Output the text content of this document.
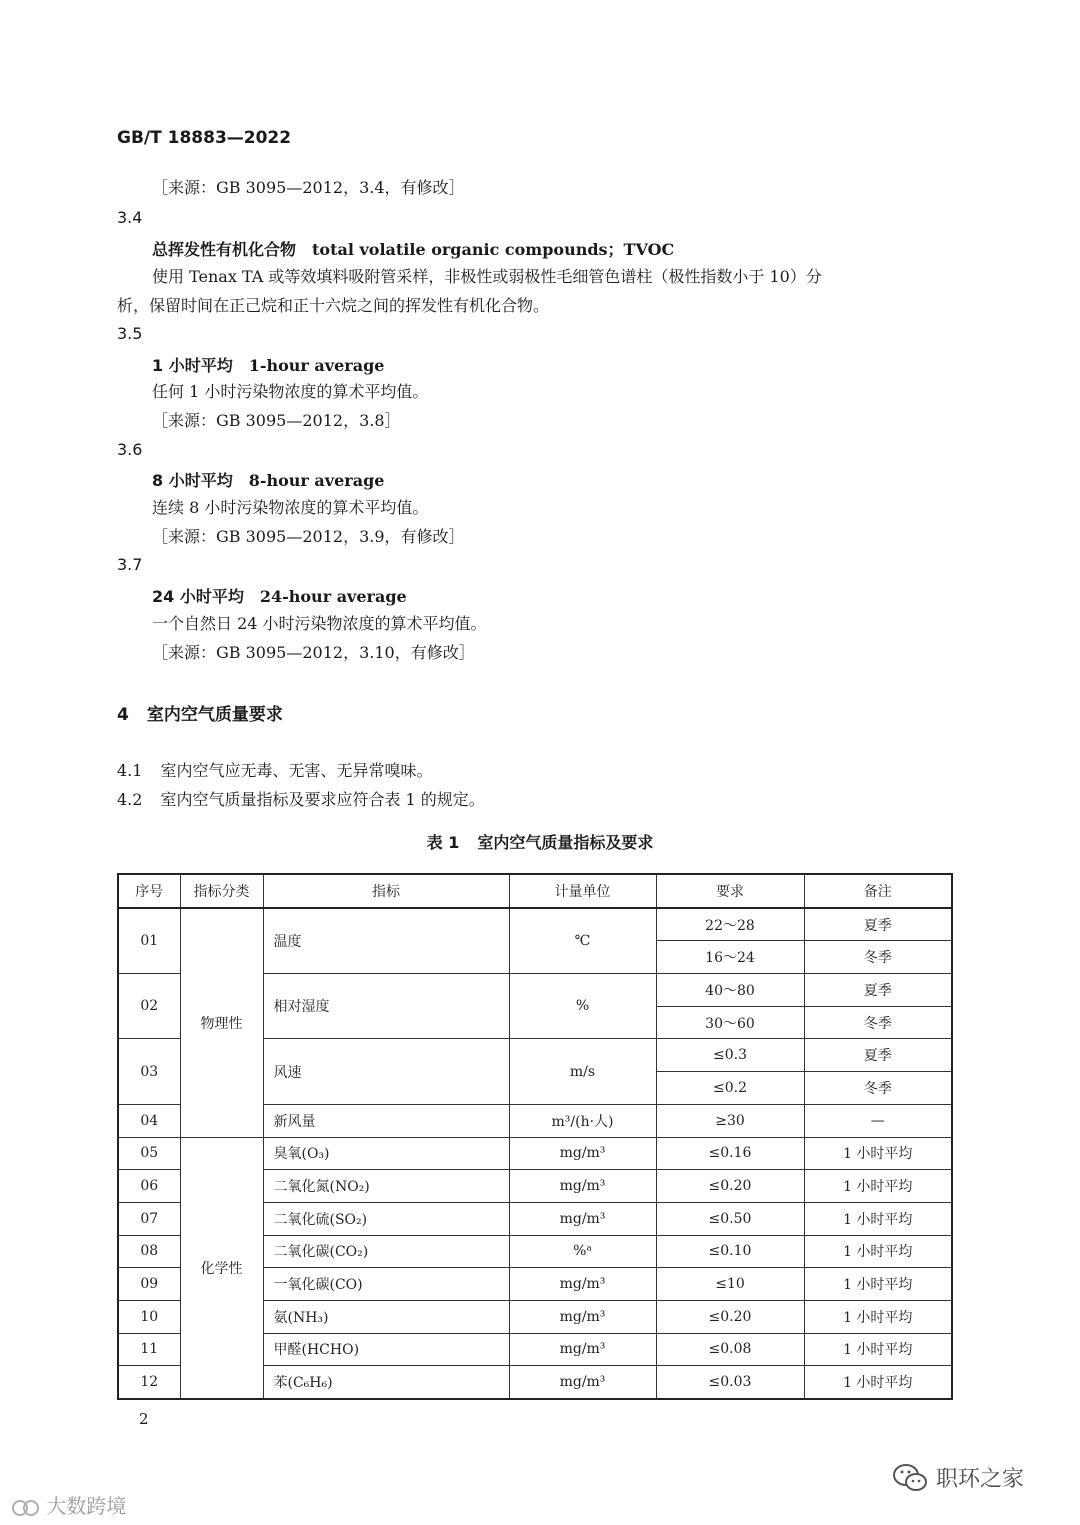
GB/T 18883—2022
［来源：GB 3095—2012，3.4，有修改］
3.4
总挥发性有机化合物 total volatile organic compounds；TVOC
使用 Tenax TA 或等效填料吸附管采样，非极性或弱极性毛细管色谱柱（极性指数小于 10）分
析，保留时间在正己烷和正十六烷之间的挥发性有机化合物。
3.5
1 小时平均 1-hour average
任何 1 小时污染物浓度的算术平均值。
［来源：GB 3095—2012，3.8］
3.6
8 小时平均 8-hour average
连续 8 小时污染物浓度的算术平均值。
［来源：GB 3095—2012，3.9，有修改］
3.7
24 小时平均 24-hour average
一个自然日 24 小时污染物浓度的算术平均值。
［来源：GB 3095—2012，3.10，有修改］
4 室内空气质量要求
4.1 室内空气应无毒、无害、无异常嗅味。
4.2 室内空气质量指标及要求应符合表 1 的规定。
表 1 室内空气质量指标及要求
序号	指标分类	指标	计量单位	要求	备注
01	物理性	温度	℃	22～28	夏季
				16～24	冬季
02		相对湿度	%	40～80	夏季
				30～60	冬季
03		风速	m/s	≤0.3	夏季
				≤0.2	冬季
04		新风量	m³/(h·人)	≥30	—
05	化学性	臭氧(O₃)	mg/m³	≤0.16	1 小时平均
06		二氧化氮(NO₂)	mg/m³	≤0.20	1 小时平均
07		二氧化硫(SO₂)	mg/m³	≤0.50	1 小时平均
08		二氧化碳(CO₂)	%ᵃ	≤0.10	1 小时平均
09		一氧化碳(CO)	mg/m³	≤10	1 小时平均
10		氨(NH₃)	mg/m³	≤0.20	1 小时平均
11		甲醛(HCHO)	mg/m³	≤0.08	1 小时平均
12		苯(C₆H₆)	mg/m³	≤0.03	1 小时平均
2
大数跨境
职环之家
